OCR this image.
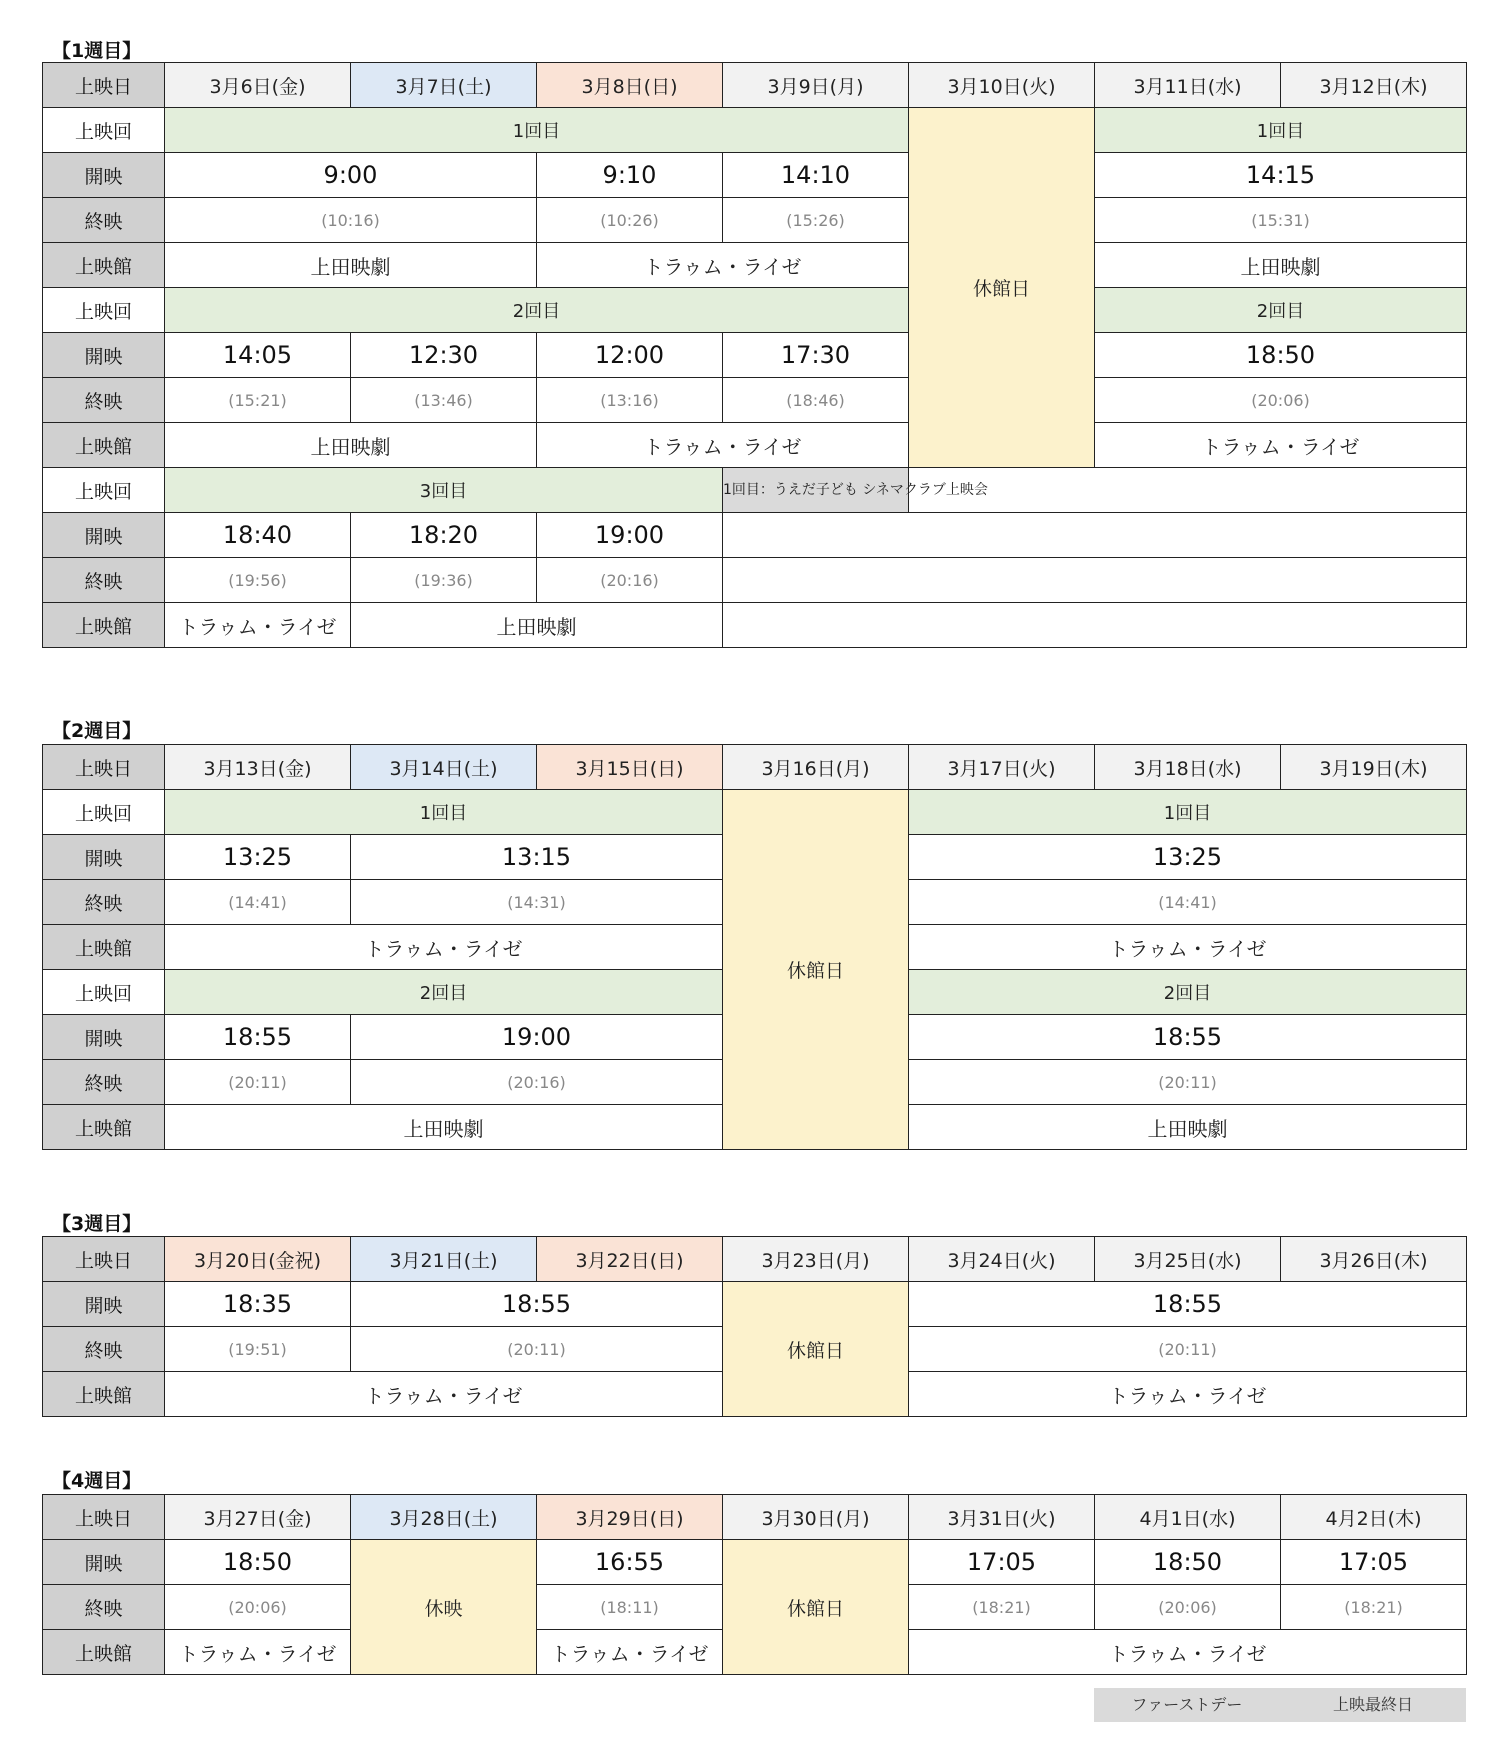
【1週目】
上映日	3月6日(金)	3月7日(土)	3月8日(日)	3月9日(月)	3月10日(火)	3月11日(水)	3月12日(木)
上映回	1回目				休館日	1回目	
開映	9:00		9:10	14:10		14:15	
終映	(10:16)		(10:26)	(15:26)		(15:31)	
上映館	上田映劇		トラゥム・ライゼ			上田映劇	
上映回	2回目					2回目	
開映	14:05	12:30	12:00	17:30		18:50	
終映	(15:21)	(13:46)	(13:16)	(18:46)		(20:06)	
上映館	上田映劇		トラゥム・ライゼ			トラゥム・ライゼ	
上映回	3回目			1回目：うえだ子ども シネマクラブ上映会			
開映	18:40	18:20	19:00				
終映	(19:56)	(19:36)	(20:16)				
上映館	トラゥム・ライゼ	上田映劇					
【2週目】
上映日	3月13日(金)	3月14日(土)	3月15日(日)	3月16日(月)	3月17日(火)	3月18日(水)	3月19日(木)
上映回	1回目			休館日	1回目		
開映	13:25	13:15			13:25		
終映	(14:41)	(14:31)			(14:41)		
上映館	トラゥム・ライゼ				トラゥム・ライゼ		
上映回	2回目				2回目		
開映	18:55	19:00			18:55		
終映	(20:11)	(20:16)			(20:11)		
上映館	上田映劇				上田映劇		
【3週目】
上映日	3月20日(金祝)	3月21日(土)	3月22日(日)	3月23日(月)	3月24日(火)	3月25日(水)	3月26日(木)
開映	18:35	18:55		休館日	18:55		
終映	(19:51)	(20:11)			(20:11)		
上映館	トラゥム・ライゼ				トラゥム・ライゼ		
【4週目】
上映日	3月27日(金)	3月28日(土)	3月29日(日)	3月30日(月)	3月31日(火)	4月1日(水)	4月2日(木)
開映	18:50	休映	16:55	休館日	17:05	18:50	17:05
終映	(20:06)		(18:11)		(18:21)	(20:06)	(18:21)
上映館	トラゥム・ライゼ		トラゥム・ライゼ		トラゥム・ライゼ		
ファーストデー	上映最終日
